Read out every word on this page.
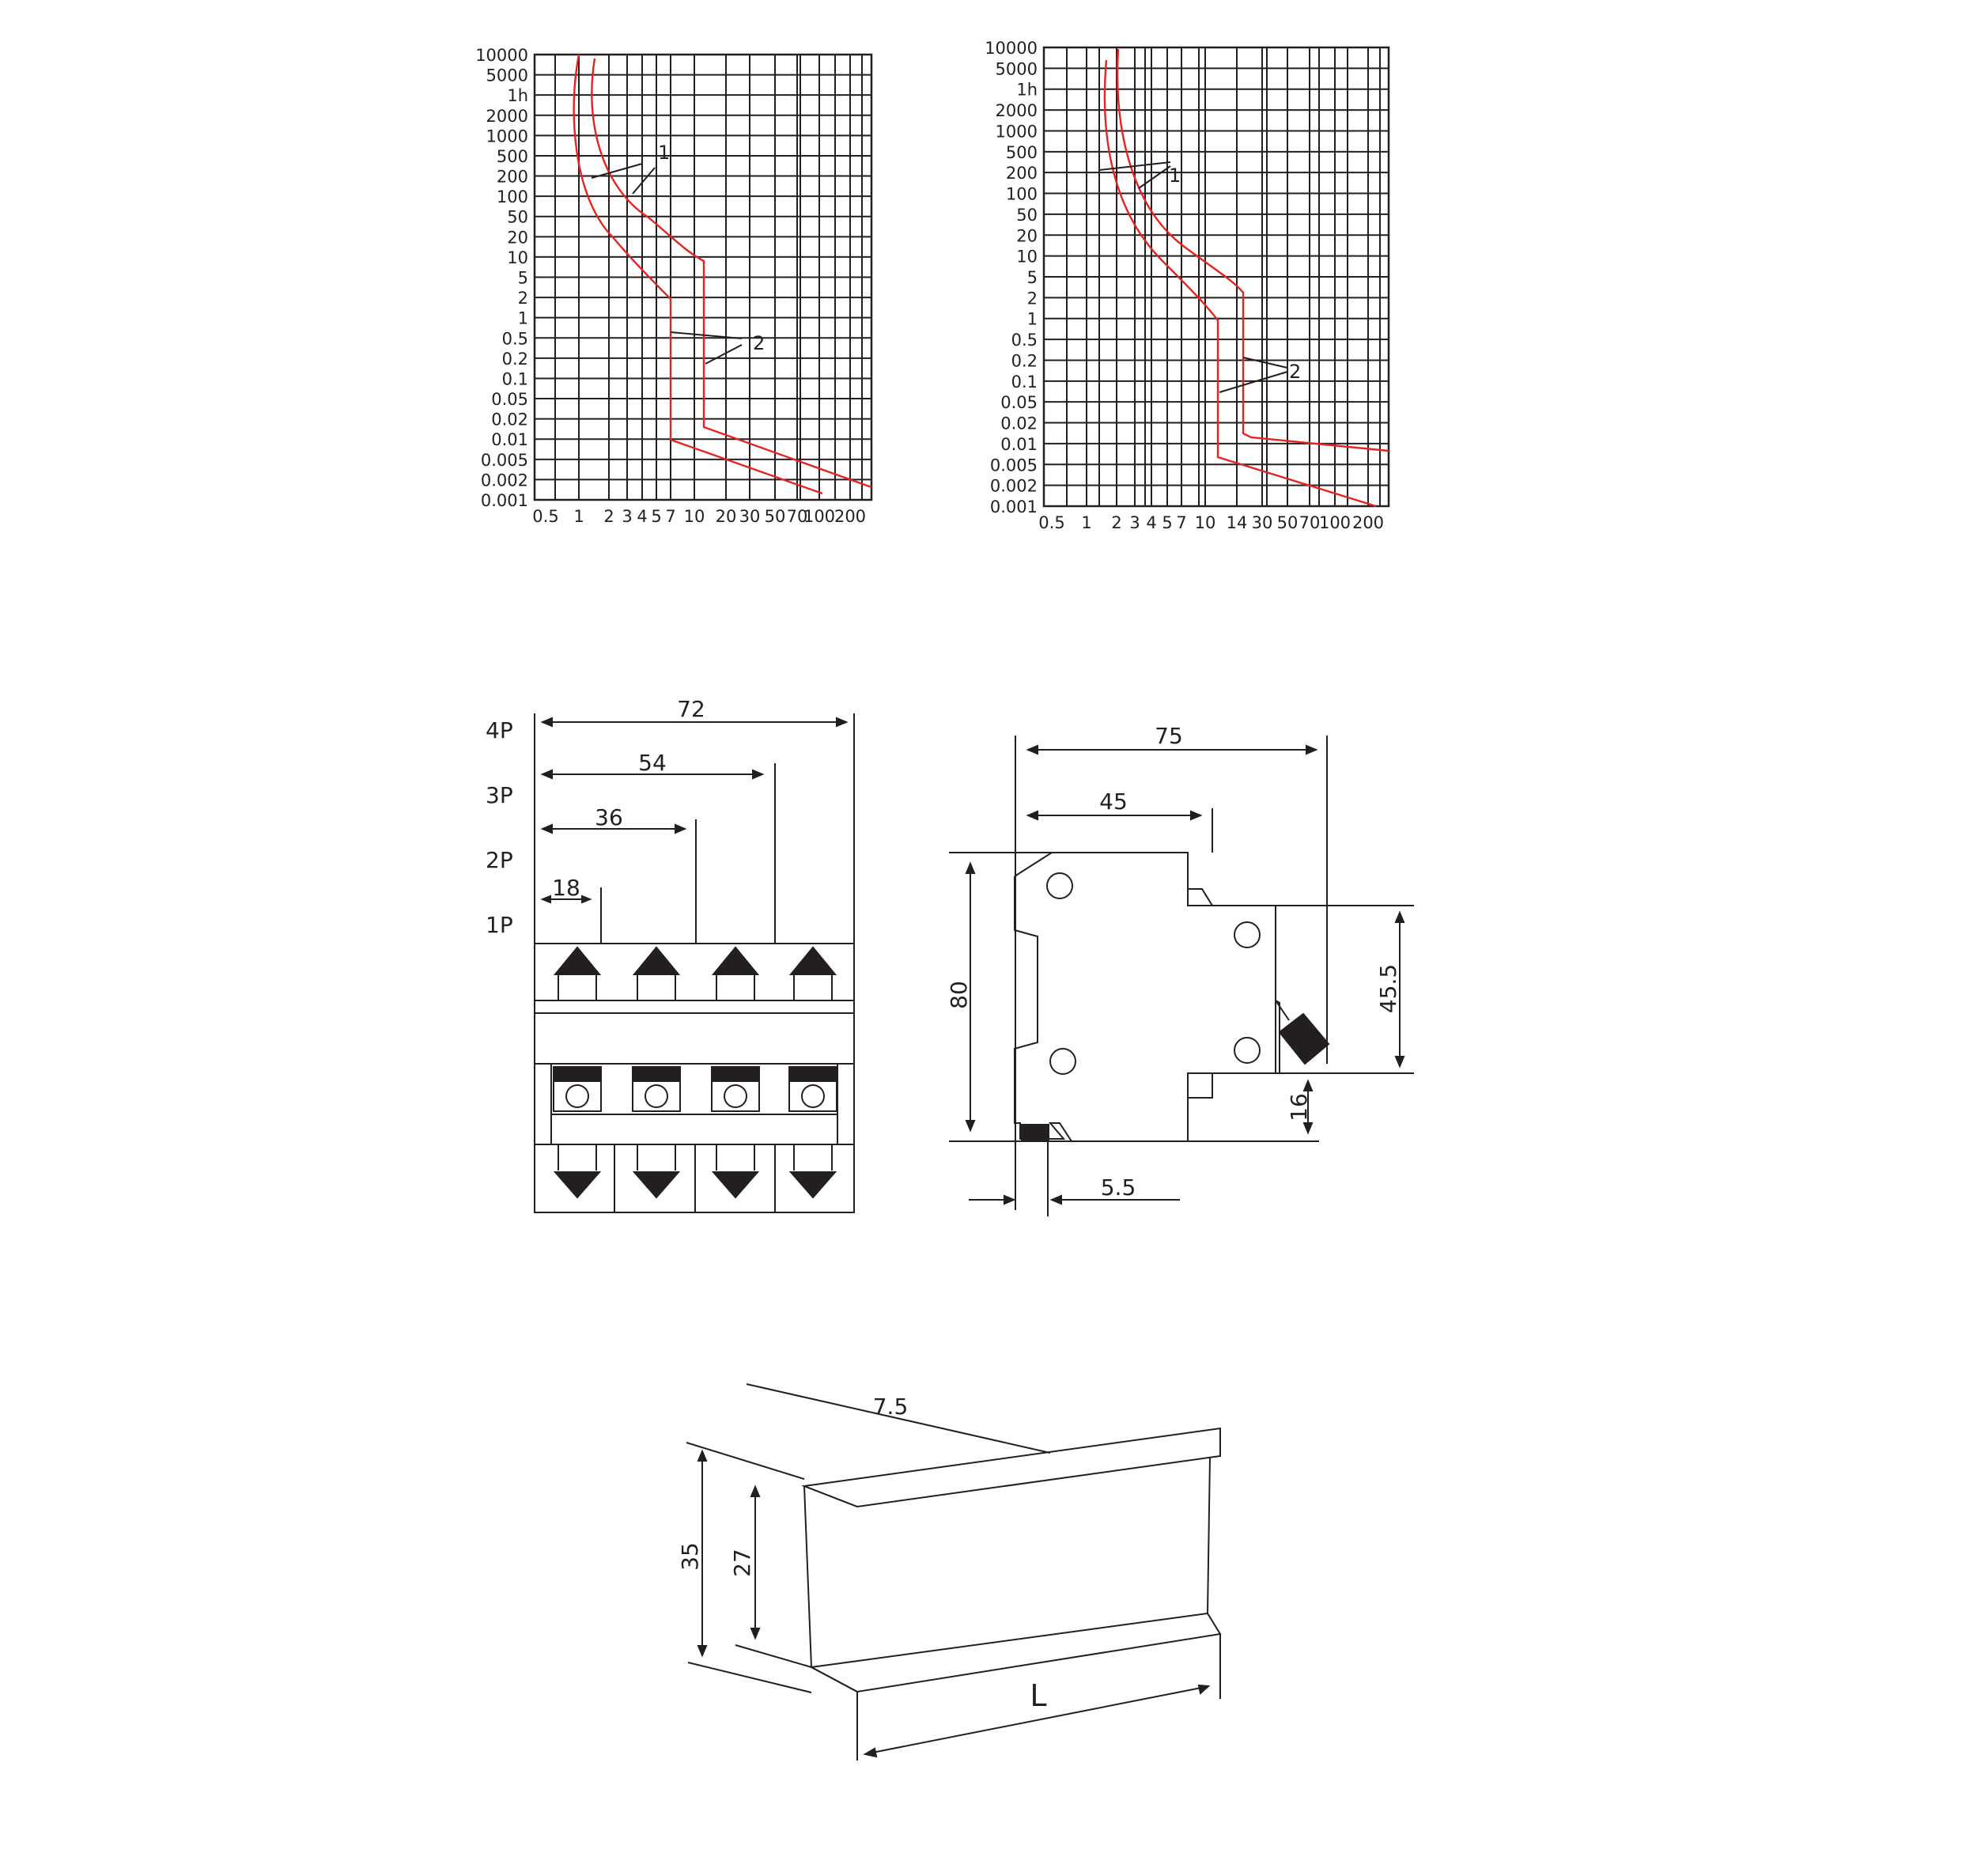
10000
5000
1h
2000
1000
500
200
100
50
20
10
5
2
1
0.5
0.2
0.1
0.05
0.02
0.01
0.005
0.002
0.001
0.5 1 2 3 4 5 7 10 20 30 50 70
100
200
1
2
10000
5000
1h
2000
1000
500
200
100
50
20
10
5
2
1
0.5
0.2
0.1
0.05
0.02
0.01
0.005
0.002
0.001
0.5 1 2 3 4 5 7 10 14 30 50 70
100 200
1
2
4P
3P
2P
1P
72
54
36
18
75
45
80	45.5
16
5.5
7.5
35 27
L
